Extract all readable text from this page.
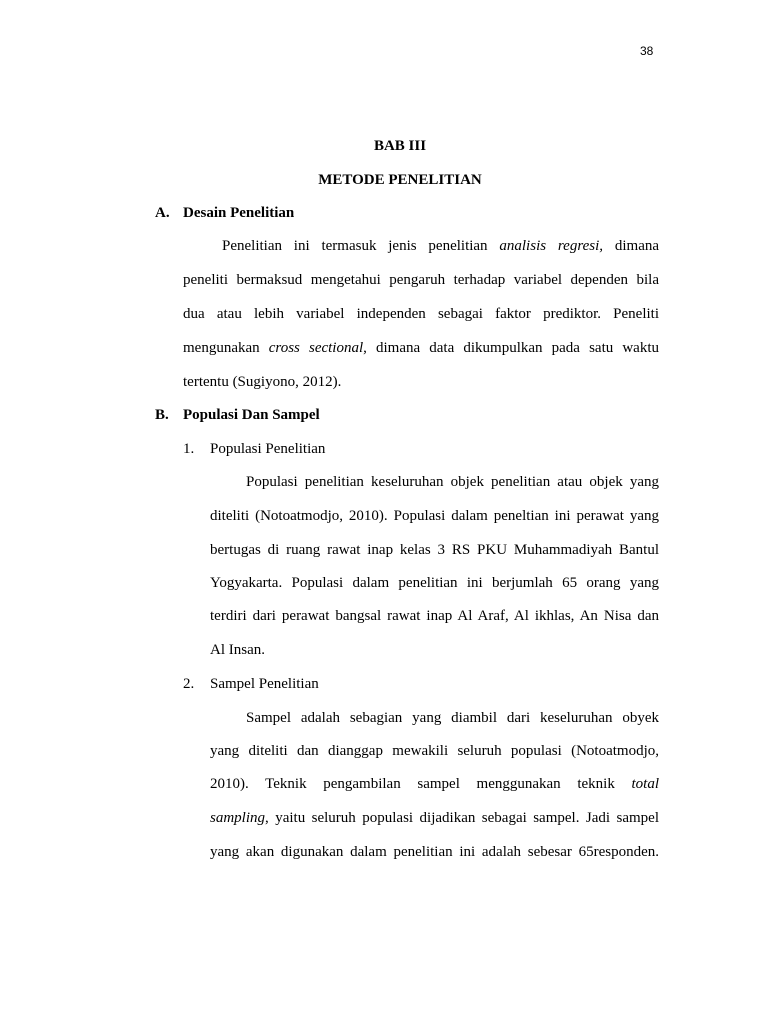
38
BAB III
METODE PENELITIAN
A. Desain Penelitian
Penelitian ini termasuk jenis penelitian analisis regresi, dimana
peneliti bermaksud mengetahui pengaruh terhadap variabel dependen bila
dua atau lebih variabel independen sebagai faktor prediktor. Peneliti
mengunakan cross sectional, dimana data dikumpulkan pada satu waktu
tertentu (Sugiyono, 2012).
B. Populasi Dan Sampel
1. Populasi Penelitian
Populasi penelitian keseluruhan objek penelitian atau objek yang
diteliti (Notoatmodjo, 2010). Populasi dalam peneltian ini perawat yang
bertugas di ruang rawat inap kelas 3 RS PKU Muhammadiyah Bantul
Yogyakarta. Populasi dalam penelitian ini berjumlah 65 orang yang
terdiri dari perawat bangsal rawat inap Al Araf, Al ikhlas, An Nisa dan
Al Insan.
2. Sampel Penelitian
Sampel adalah sebagian yang diambil dari keseluruhan obyek
yang diteliti dan dianggap mewakili seluruh populasi (Notoatmodjo,
2010). Teknik pengambilan sampel menggunakan teknik total
sampling, yaitu seluruh populasi dijadikan sebagai sampel. Jadi sampel
yang akan digunakan dalam penelitian ini adalah sebesar 65responden.
